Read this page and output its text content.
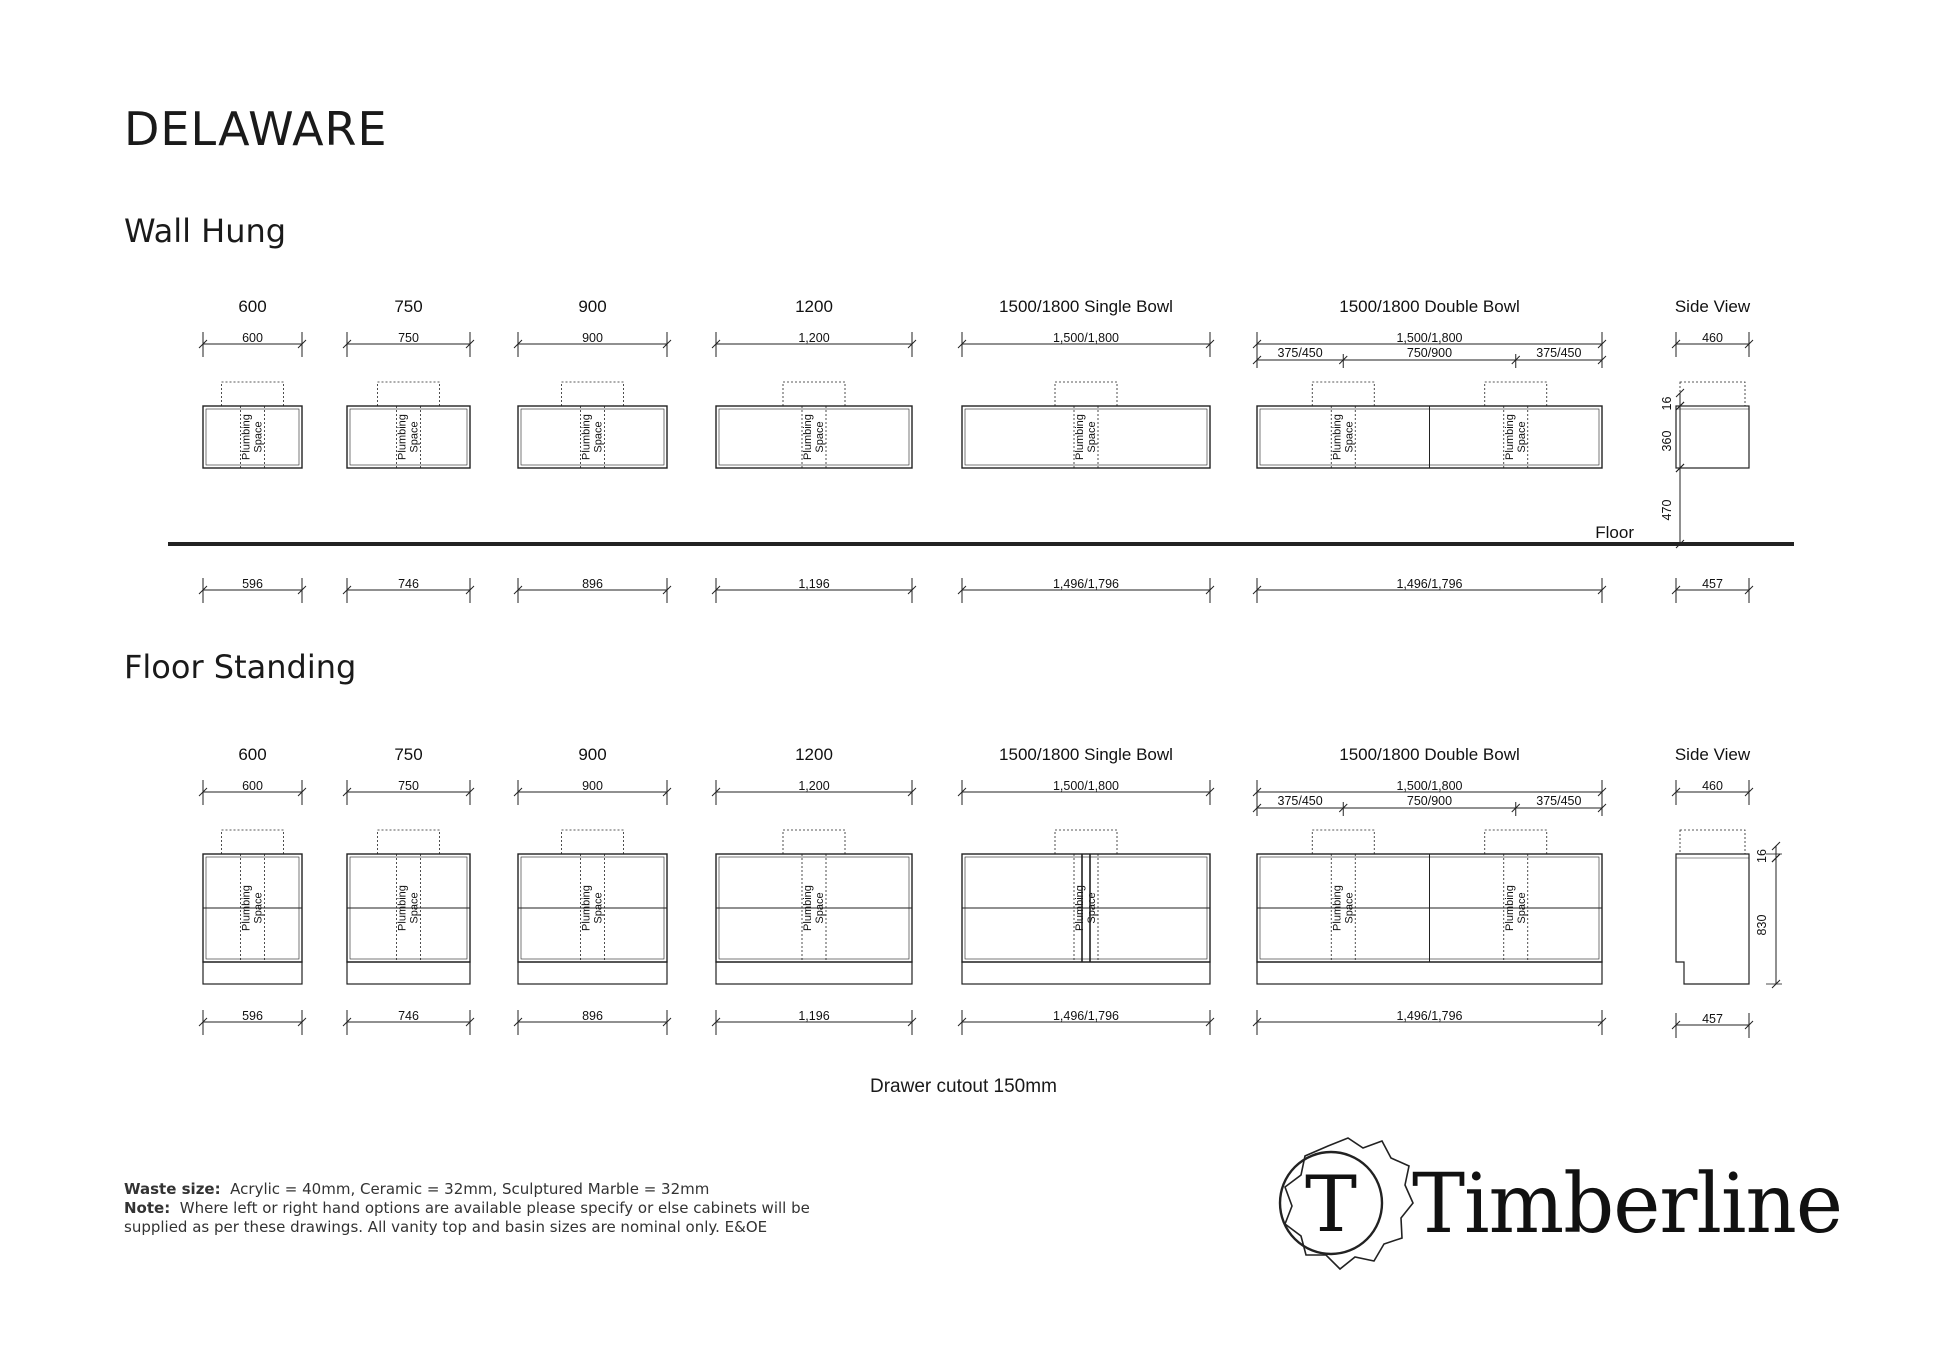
DELAWARE
Wall Hung
Floor Standing
Drawer cutout 150mm
Waste size: Acrylic = 40mm, Ceramic = 32mm, Sculptured Marble = 32mm
Note: Where left or right hand options are available please specify or else cabinets will be
supplied as per these drawings. All vanity top and basin sizes are nominal only. E&OE
600
600
596
Plumbing Space
750
750
746
Plumbing Space
900
900
896
Plumbing Space
1200
1,200
1,196
Plumbing Space
1500/1800 Single Bowl
1,500/1,800
1,496/1,796
Plumbing Space
1500/1800 Double Bowl
1,500/1,800
1,496/1,796
Plumbing Space	Plumbing Space
375/450	750/900	375/450
Side View
460
457
16
360
470
Floor
600
600
596
Plumbing Space
750
750
746
Plumbing Space
900
900
896
Plumbing Space
1200
1,200
1,196
Plumbing Space
1500/1800 Single Bowl
1,500/1,800
1,496/1,796
Plumbing Space
1500/1800 Double Bowl
1,500/1,800
1,496/1,796
Plumbing Space	Plumbing Space
375/450	750/900	375/450
Side View
460
457
16
830
T Timberline
